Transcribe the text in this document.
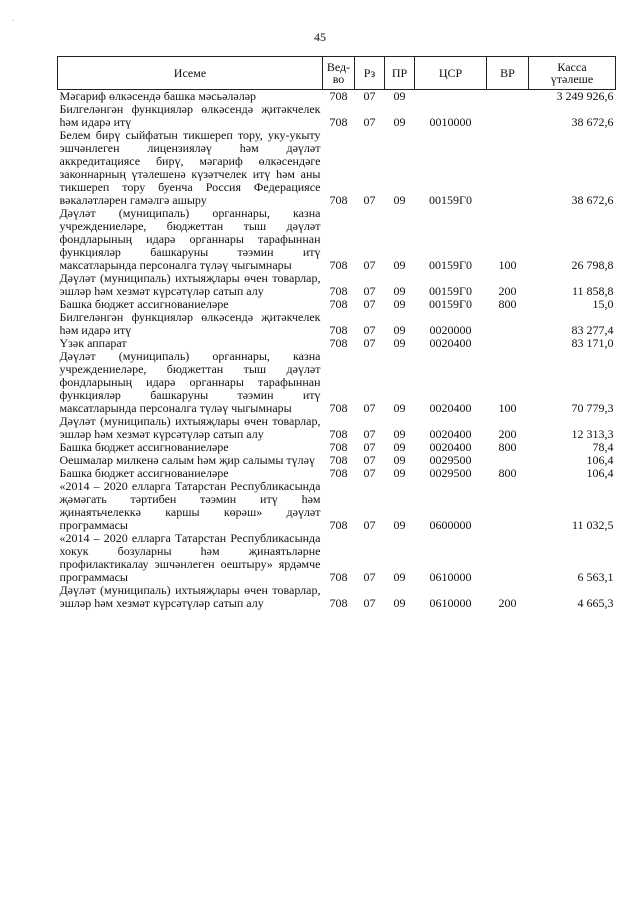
.
45
Исеме	Вед-
во	Рз	ПР	ЦСР	ВР	Касса
үтәлеше
Мәгариф өлкәсендә башка мәсьәләләр	708	07	09			3 249 926,6
Билгеләнгән функцияләр өлкәсендә җитәкчелек һәм идарә итү	708	07	09	0010000		38 672,6
Белем бирү сыйфатын тикшереп тору, уку-укыту эшчәнлеген лицензияләү һәм дәүләт аккредитациясе бирү, мәгариф өлкәсендәге законнарның үтәлешенә күзәтчелек итү һәм аны тикшереп тору буенча Россия Федерациясе вәкаләтләрен гамәлгә ашыру	708	07	09	00159Г0		38 672,6
Дәүләт (муниципаль) органнары, казна учреждениеләре, бюджеттан тыш дәүләт фондларының идарә органнары тарафыннан функцияләр башкаруны тәэмин итү максатларында персоналга түләү чыгымнары	708	07	09	00159Г0	100	26 798,8
Дәүләт (муниципаль) ихтыяҗлары өчен товарлар, эшләр һәм хезмәт күрсәтүләр сатып алу	708	07	09	00159Г0	200	11 858,8
Башка бюджет ассигнованиеләре	708	07	09	00159Г0	800	15,0
Билгеләнгән функцияләр өлкәсендә җитәкчелек һәм идарә итү	708	07	09	0020000		83 277,4
Үзәк аппарат	708	07	09	0020400		83 171,0
Дәүләт (муниципаль) органнары, казна учреждениеләре, бюджеттан тыш дәүләт фондларының идарә органнары тарафыннан функцияләр башкаруны тәэмин итү максатларында персоналга түләү чыгымнары	708	07	09	0020400	100	70 779,3
Дәүләт (муниципаль) ихтыяҗлары өчен товарлар, эшләр һәм хезмәт күрсәтүләр сатып алу	708	07	09	0020400	200	12 313,3
Башка бюджет ассигнованиеләре	708	07	09	0020400	800	78,4
Оешмалар милкенә салым һәм җир салымы түләү	708	07	09	0029500		106,4
Башка бюджет ассигнованиеләре	708	07	09	0029500	800	106,4
«2014 – 2020 елларга Татарстан Республикасында җәмәгать тәртибен тәэмин итү һәм җинаятьчелеккә каршы көрәш» дәүләт программасы	708	07	09	0600000		11 032,5
«2014 – 2020 елларга Татарстан Республикасында хокук бозуларны һәм җинаятьләрне профилактикалау эшчәнлеген оештыру» ярдәмче программасы	708	07	09	0610000		6 563,1
Дәүләт (муниципаль) ихтыяҗлары өчен товарлар, эшләр һәм хезмәт күрсәтүләр сатып алу	708	07	09	0610000	200	4 665,3
